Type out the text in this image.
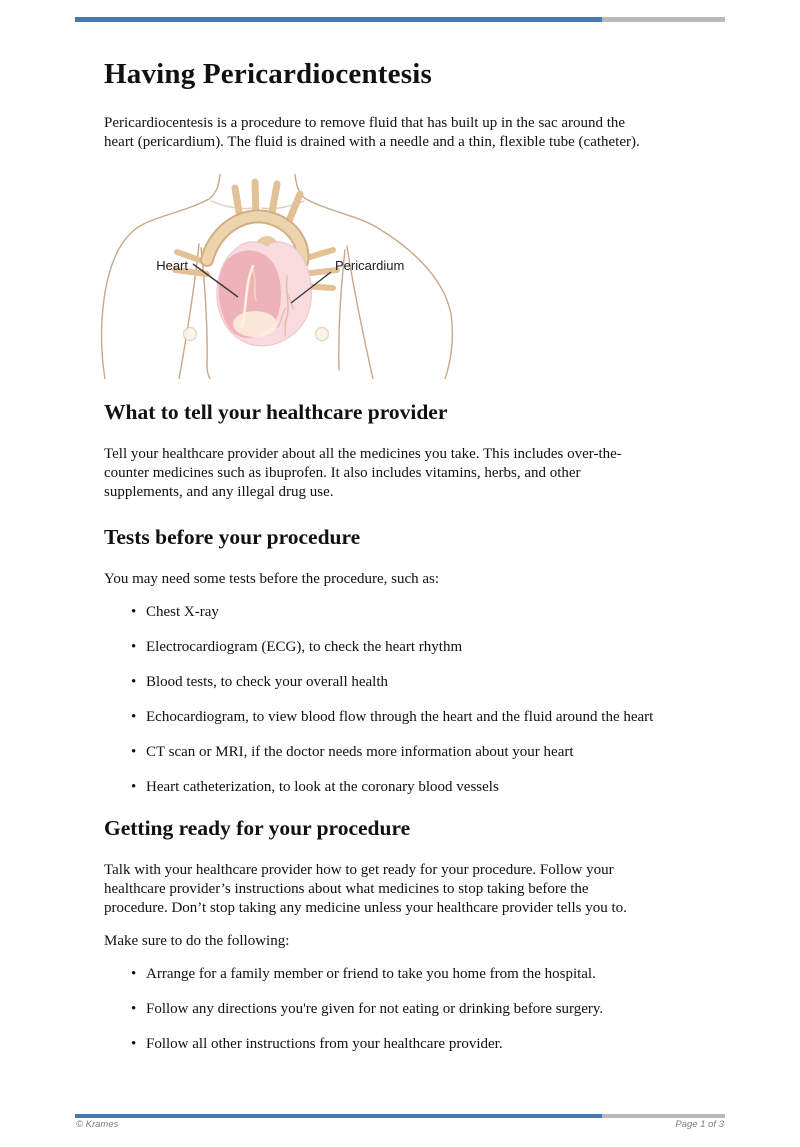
Having Pericardiocentesis

Pericardiocentesis is a procedure to remove fluid that has built up in the sac around the
heart (pericardium). The fluid is drained with a needle and a thin, flexible tube (catheter).

Heart	Pericardium
What to tell your healthcare provider

Tell your healthcare provider about all the medicines you take. This includes over-the-
counter medicines such as ibuprofen. It also includes vitamins, herbs, and other
supplements, and any illegal drug use.

Tests before your procedure

You may need some tests before the procedure, such as:

• Chest X-ray
• Electrocardiogram (ECG), to check the heart rhythm
• Blood tests, to check your overall health
• Echocardiogram, to view blood flow through the heart and the fluid around the heart
• CT scan or MRI, if the doctor needs more information about your heart
• Heart catheterization, to look at the coronary blood vessels
Getting ready for your procedure

Talk with your healthcare provider how to get ready for your procedure. Follow your
healthcare provider’s instructions about what medicines to stop taking before the
procedure. Don’t stop taking any medicine unless your healthcare provider tells you to.

Make sure to do the following:

• Arrange for a family member or friend to take you home from the hospital.
• Follow any directions you're given for not eating or drinking before surgery.
• Follow all other instructions from your healthcare provider.
© Krames	Page 1 of 3
